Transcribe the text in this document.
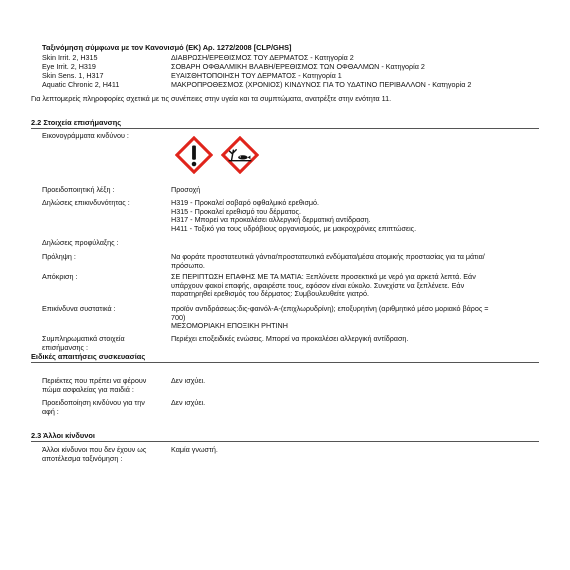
Ταξινόμηση σύμφωνα με τον Κανονισμό (ΕΚ) Αρ. 1272/2008 [CLP/GHS]
Skin Irrit. 2, H315	ΔΙΑΒΡΩΣΗ/ΕΡΕΘΙΣΜΟΣ ΤΟΥ ΔΕΡΜΑΤΟΣ - Κατηγορία 2
Eye Irrit. 2, H319	ΣΟΒΑΡΗ ΟΦΘΑΛΜΙΚΗ ΒΛΑΒΗ/ΕΡΕΘΙΣΜΟΣ ΤΩΝ ΟΦΘΑΛΜΩΝ - Κατηγορία 2
Skin Sens. 1, H317	ΕΥΑΙΣΘΗΤΟΠΟΙΗΣΗ ΤΟΥ ΔΕΡΜΑΤΟΣ - Κατηγορία 1
Aquatic Chronic 2, H411	ΜΑΚΡΟΠΡΟΘΕΣΜΟΣ (ΧΡΟΝΙΟΣ) ΚΙΝΔΥΝΟΣ ΓΙΑ ΤΟ ΥΔΑΤΙΝΟ ΠΕΡΙΒΑΛΛΟΝ - Κατηγορία 2
Για λεπτομερείς πληροφορίες σχετικά με τις συνέπειες στην υγεία και τα συμπτώματα, ανατρέξτε στην ενότητα 11.
2.2 Στοιχεία επισήμανσης
Εικονογράμματα κινδύνου :
Προειδοποιητική λέξη :	Προσοχή
Δηλώσεις επικινδυνότητας :	H319 - Προκαλεί σοβαρό οφθαλμικό ερεθισμό.
H315 - Προκαλεί ερεθισμό του δέρματος.
H317 - Μπορεί να προκαλέσει αλλεργική δερματική αντίδραση.
H411 - Τοξικό για τους υδρόβιους οργανισμούς, με μακροχρόνιες επιπτώσεις.
Δηλώσεις προφύλαξης :
Πρόληψη :	Να φοράτε προστατευτικά γάντια/προστατευτικά ενδύματα/μέσα ατομικής προστασίας για τα μάτια/
πρόσωπο.
Απόκριση :	ΣΕ ΠΕΡΙΠΤΩΣΗ ΕΠΑΦΗΣ ΜΕ ΤΑ ΜΑΤΙΑ: Ξεπλύνετε προσεκτικά με νερό για αρκετά λεπτά. Εάν
υπάρχουν φακοί επαφής, αφαιρέστε τους, εφόσον είναι εύκολο. Συνεχίστε να ξεπλένετε. Εάν
παρατηρηθεί ερεθισμός του δέρματος: Συμβουλευθείτε γιατρό.
Επικίνδυνα συστατικά :	προϊόν αντιδράσεως:δις-φαινόλ-Α-(επιχλωρυδρίνη); εποξυρητίνη (αριθμητικό μέσο μοριακό βάρος =
700)
ΜΕΣΟΜΟΡΙΑΚΗ ΕΠΟΞΙΚΗ ΡΗΤΙΝΗ
Συμπληρωματικά στοιχεία
επισήμανσης :
Περιέχει εποξειδικές ενώσεις. Μπορεί να προκαλέσει αλλεργική αντίδραση.
Ειδικές απαιτήσεις συσκευασίας
Περιέκτες που πρέπει να φέρουν
πώμα ασφαλείας για παιδιά :
Δεν ισχύει.
Προειδοποίηση κινδύνου για την
αφή :
Δεν ισχύει.
2.3 Άλλοι κίνδυνοι
Άλλοι κίνδυνοι που δεν έχουν ως
αποτέλεσμα ταξινόμηση :
Καμία γνωστή.
